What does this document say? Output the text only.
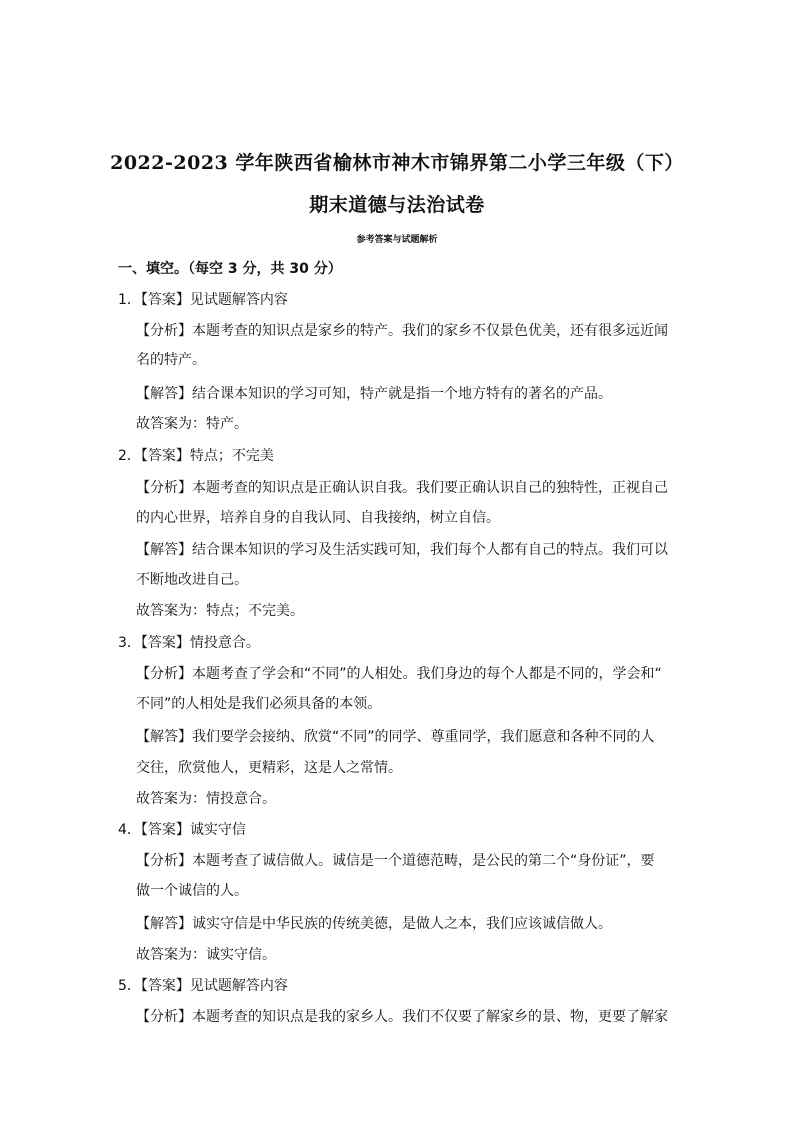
2022-2023 学年陕西省榆林市神木市锦界第二小学三年级（下）
期末道德与法治试卷
参考答案与试题解析
一、填空。（每空 3 分，共 30 分）
1．【答案】见试题解答内容
【分析】本题考查的知识点是家乡的特产。我们的家乡不仅景色优美，还有很多远近闻
名的特产。
【解答】结合课本知识的学习可知，特产就是指一个地方特有的著名的产品。
故答案为：特产。
2．【答案】特点；不完美
【分析】本题考查的知识点是正确认识自我。我们要正确认识自己的独特性，正视自己
的内心世界，培养自身的自我认同、自我接纳，树立自信。
【解答】结合课本知识的学习及生活实践可知，我们每个人都有自己的特点。我们可以
不断地改进自己。
故答案为：特点；不完美。
3．【答案】情投意合。
【分析】本题考查了学会和“不同”的人相处。我们身边的每个人都是不同的，学会和“
不同”的人相处是我们必须具备的本领。
【解答】我们要学会接纳、欣赏“不同”的同学、尊重同学，我们愿意和各种不同的人
交往，欣赏他人，更精彩，这是人之常情。
故答案为：情投意合。
4．【答案】诚实守信
【分析】本题考查了诚信做人。诚信是一个道德范畴，是公民的第二个“身份证”，要
做一个诚信的人。
【解答】诚实守信是中华民族的传统美德，是做人之本，我们应该诚信做人。
故答案为：诚实守信。
5．【答案】见试题解答内容
【分析】本题考查的知识点是我的家乡人。我们不仅要了解家乡的景、物，更要了解家
